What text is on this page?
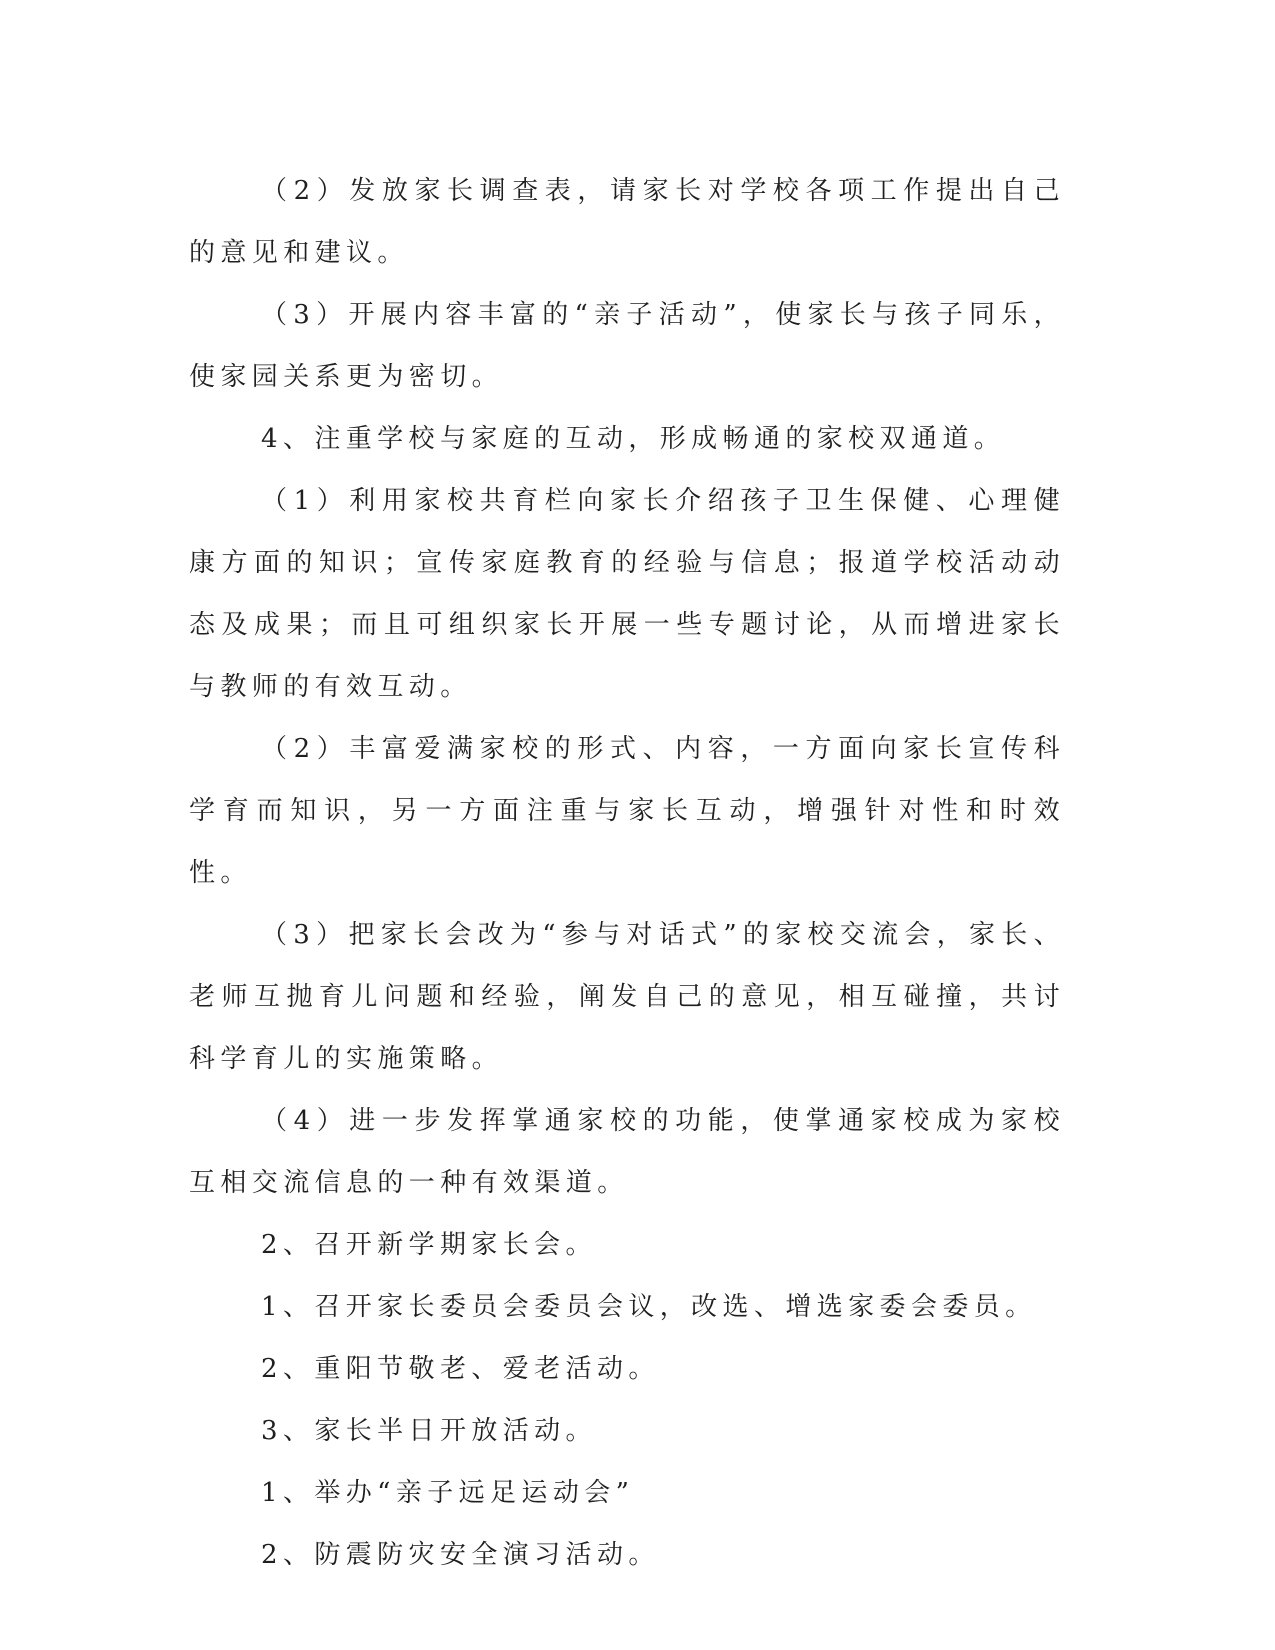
（2）发放家长调查表，请家长对学校各项工作提出自己的意见和建议。

（3）开展内容丰富的“亲子活动”，使家长与孩子同乐，使家园关系更为密切。

4、注重学校与家庭的互动，形成畅通的家校双通道。

（1）利用家校共育栏向家长介绍孩子卫生保健、心理健康方面的知识；宣传家庭教育的经验与信息；报道学校活动动态及成果；而且可组织家长开展一些专题讨论，从而增进家长与教师的有效互动。

（2）丰富爱满家校的形式、内容，一方面向家长宣传科学育而知识，另一方面注重与家长互动，增强针对性和时效性。

（3）把家长会改为“参与对话式”的家校交流会，家长、老师互抛育儿问题和经验，阐发自己的意见，相互碰撞，共讨科学育儿的实施策略。

（4）进一步发挥掌通家校的功能，使掌通家校成为家校互相交流信息的一种有效渠道。

2、召开新学期家长会。

1、召开家长委员会委员会议，改选、增选家委会委员。

2、重阳节敬老、爱老活动。

3、家长半日开放活动。

1、举办“亲子远足运动会”

2、防震防灾安全演习活动。
